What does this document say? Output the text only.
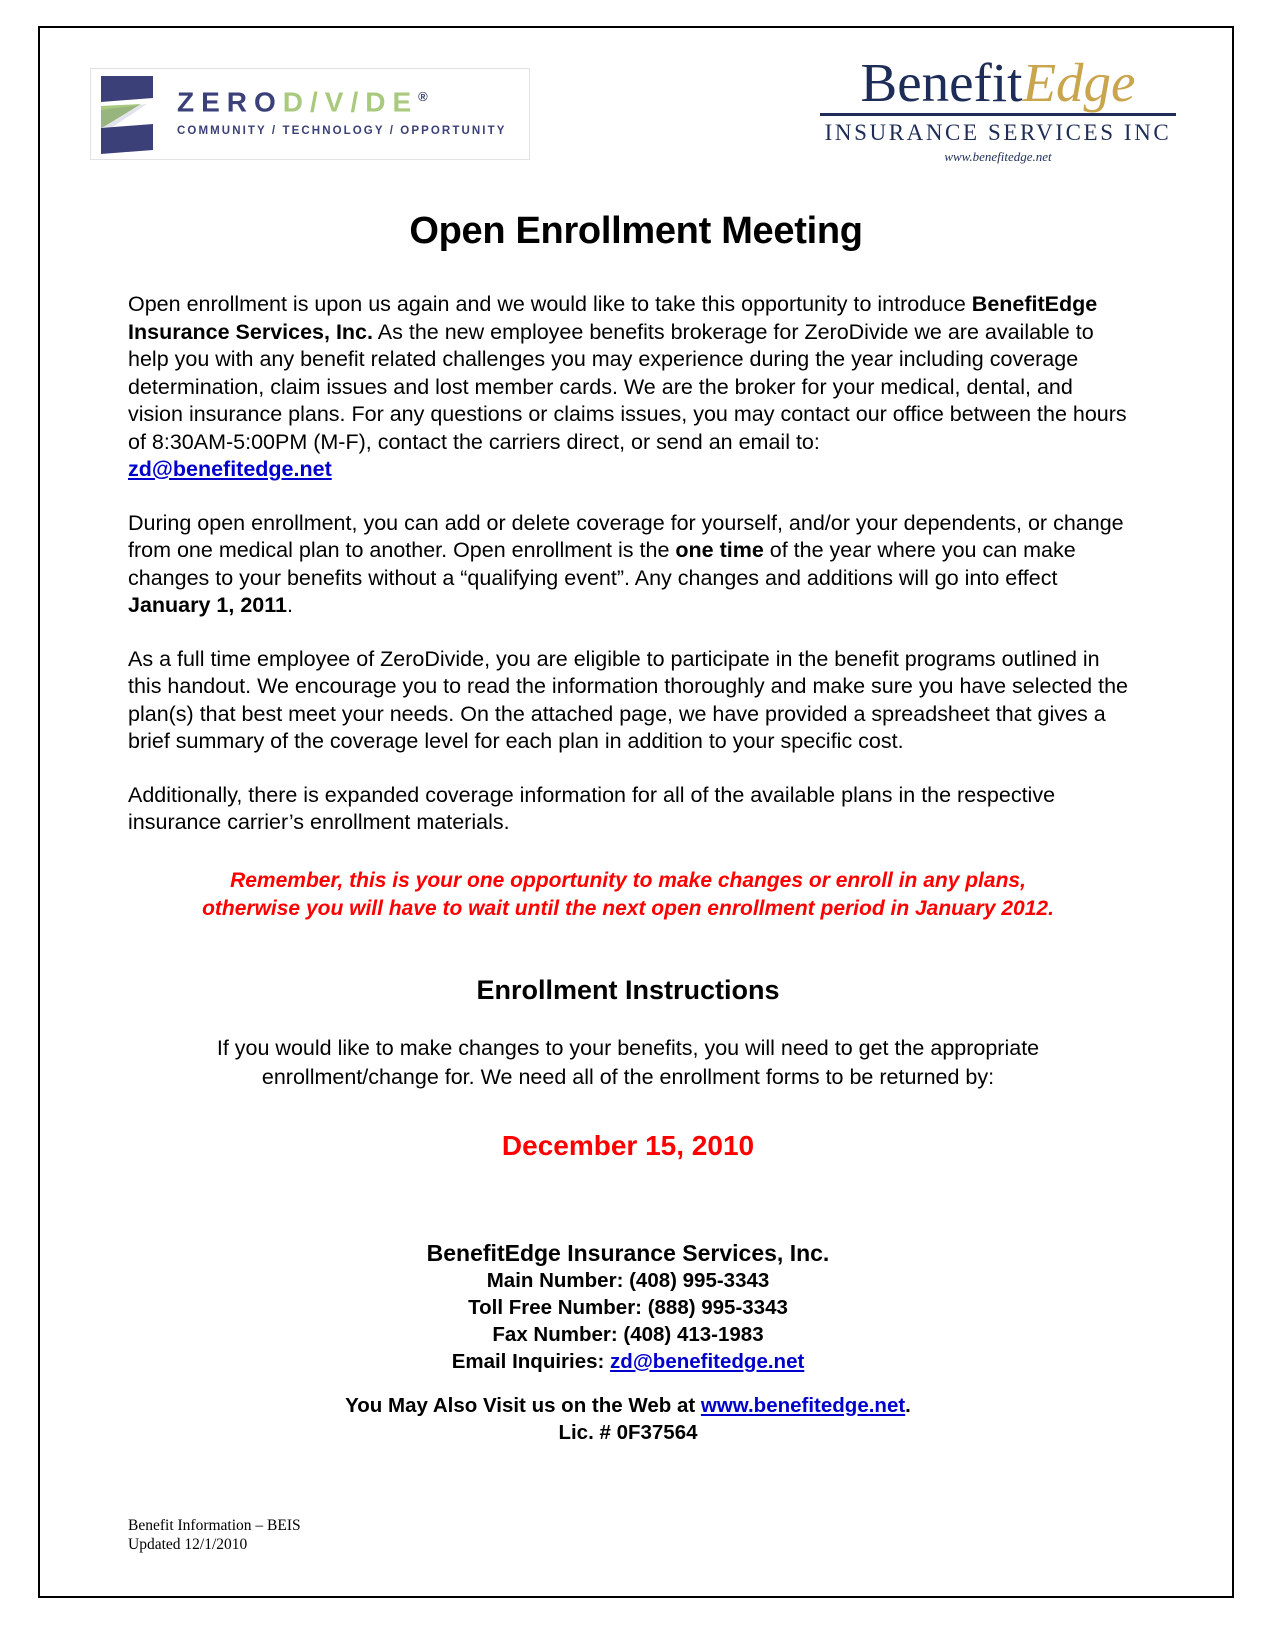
ZEROD/V/DE®
COMMUNITY / TECHNOLOGY / OPPORTUNITY
BenefitEdge
INSURANCE SERVICES INC
www.benefitedge.net
Open Enrollment Meeting

Open enrollment is upon us again and we would like to take this opportunity to introduce BenefitEdge Insurance Services, Inc. As the new employee benefits brokerage for ZeroDivide we are available to help you with any benefit related challenges you may experience during the year including coverage determination, claim issues and lost member cards. We are the broker for your medical, dental, and vision insurance plans. For any questions or claims issues, you may contact our office between the hours of 8:30AM-5:00PM (M-F), contact the carriers direct, or send an email to:
zd@benefitedge.net

During open enrollment, you can add or delete coverage for yourself, and/or your dependents, or change from one medical plan to another. Open enrollment is the one time of the year where you can make changes to your benefits without a “qualifying event”. Any changes and additions will go into effect January 1, 2011.

As a full time employee of ZeroDivide, you are eligible to participate in the benefit programs outlined in this handout. We encourage you to read the information thoroughly and make sure you have selected the plan(s) that best meet your needs. On the attached page, we have provided a spreadsheet that gives a brief summary of the coverage level for each plan in addition to your specific cost.

Additionally, there is expanded coverage information for all of the available plans in the respective insurance carrier’s enrollment materials.

Remember, this is your one opportunity to make changes or enroll in any plans,
otherwise you will have to wait until the next open enrollment period in January 2012.
Enrollment Instructions

If you would like to make changes to your benefits, you will need to get the appropriate
enrollment/change for. We need all of the enrollment forms to be returned by:

December 15, 2010
BenefitEdge Insurance Services, Inc.
Main Number: (408) 995-3343
Toll Free Number: (888) 995-3343
Fax Number: (408) 413-1983
Email Inquiries: zd@benefitedge.net
You May Also Visit us on the Web at www.benefitedge.net.
Lic. # 0F37564
Benefit Information – BEIS
Updated 12/1/2010
